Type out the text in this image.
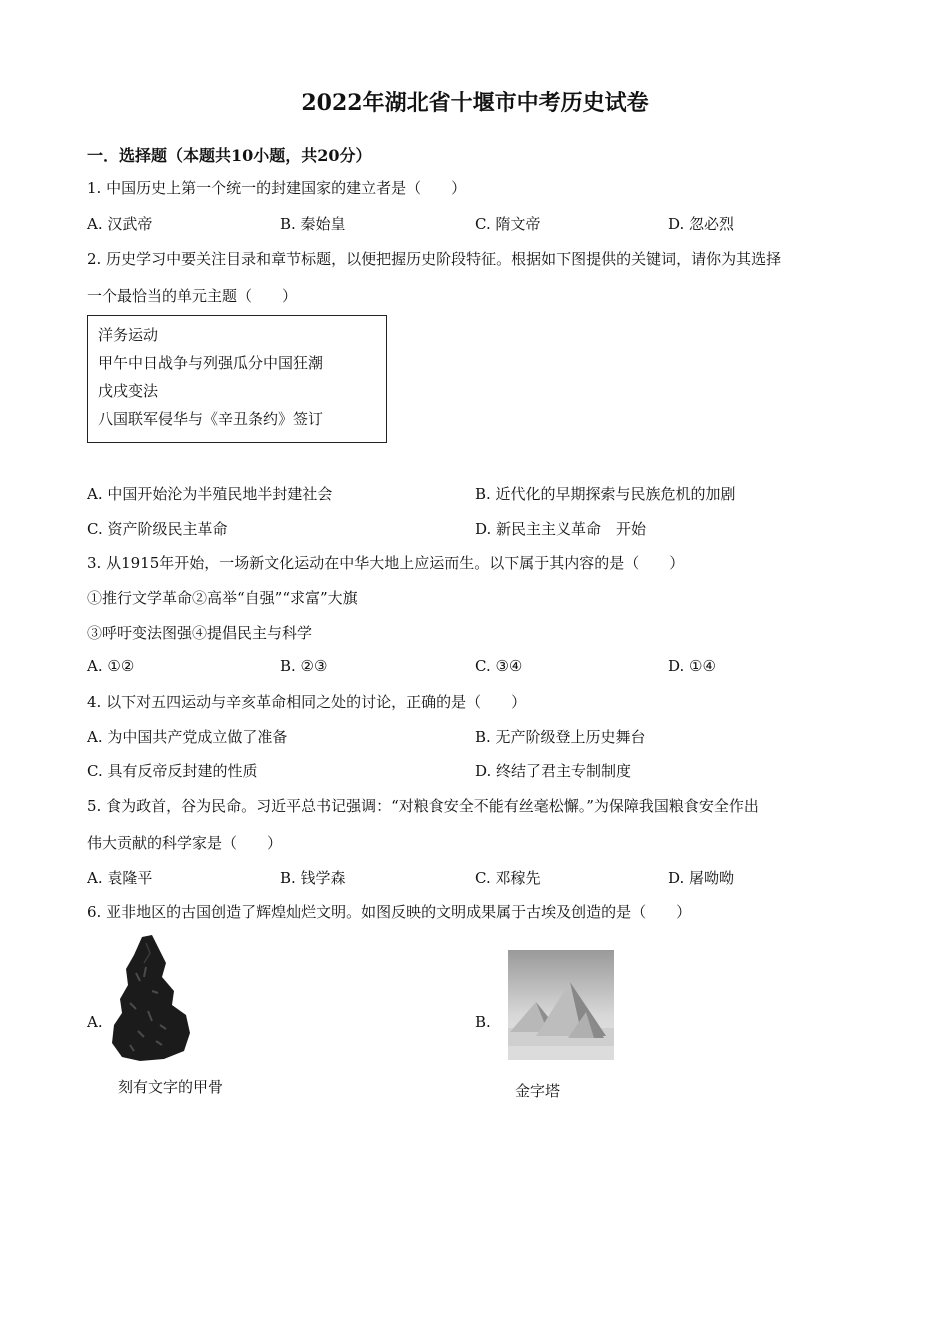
2022年湖北省十堰市中考历史试卷
一．选择题（本题共10小题，共20分）
1. 中国历史上第一个统一的封建国家的建立者是（　　）
A. 汉武帝	B. 秦始皇	C. 隋文帝	D. 忽必烈
2. 历史学习中要关注目录和章节标题，以便把握历史阶段特征。根据如下图提供的关键词，请你为其选择
一个最恰当的单元主题（　　）
洋务运动
甲午中日战争与列强瓜分中国狂潮
戊戌变法
八国联军侵华与《辛丑条约》签订
A. 中国开始沦为半殖民地半封建社会	B. 近代化的早期探索与民族危机的加剧
C. 资产阶级民主革命	D. 新民主主义革命　开始
3. 从1915年开始，一场新文化运动在中华大地上应运而生。以下属于其内容的是（　　）
①推行文学革命②高举“自强”“求富”大旗
③呼吁变法图强④提倡民主与科学
A. ①②	B. ②③	C. ③④	D. ①④
4. 以下对五四运动与辛亥革命相同之处的讨论，正确的是（　　）
A. 为中国共产党成立做了准备	B. 无产阶级登上历史舞台
C. 具有反帝反封建的性质	D. 终结了君主专制制度
5. 食为政首，谷为民命。习近平总书记强调：“对粮食安全不能有丝毫松懈。”为保障我国粮食安全作出
伟大贡献的科学家是（　　）
A. 袁隆平	B. 钱学森	C. 邓稼先	D. 屠呦呦
6. 亚非地区的古国创造了辉煌灿烂文明。如图反映的文明成果属于古埃及创造的是（　　）
A.
刻有文字的甲骨
B.
金字塔
